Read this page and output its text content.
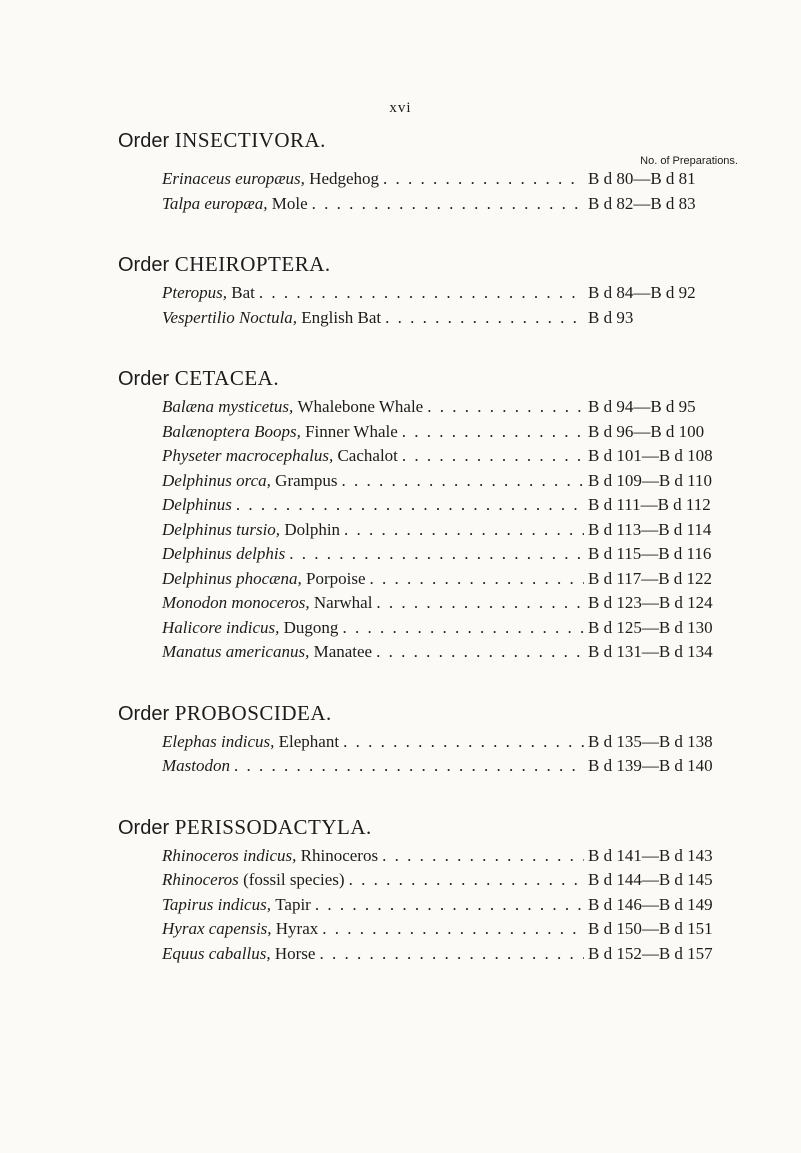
xvi
Order INSECTIVORA.
No. of Preparations.
Erinaceus europæus,
Hedgehog . . .	B d 80—B d 81
Talpa europæa,
Mole . . .	B d 82—B d 83
Order CHEIROPTERA.
Pteropus,
Bat . . .	B d 84—B d 92
Vespertilio Noctula,
English Bat . . .	B d 93
Order CETACEA.
Balæna mysticetus,
Whalebone Whale . . .	B d 94—B d 95
Balænoptera Boops,
Finner Whale . . .	B d 96—B d 100
Physeter macrocephalus,
Cachalot . . .	B d 101—B d 108
Delphinus orca,
Grampus . . .	B d 109—B d 110
Delphinus . . .	B d 111—B d 112
Delphinus tursio,
Dolphin . . .	B d 113—B d 114
Delphinus delphis . . .	B d 115—B d 116
Delphinus phocæna,
Porpoise . . .	B d 117—B d 122
Monodon monoceros,
Narwhal . . .	B d 123—B d 124
Halicore indicus,
Dugong . . .	B d 125—B d 130
Manatus americanus,
Manatee . . .	B d 131—B d 134
Order PROBOSCIDEA.
Elephas indicus,
Elephant . . .	B d 135—B d 138
Mastodon . . .	B d 139—B d 140
Order PERISSODACTYLA.
Rhinoceros indicus,
Rhinoceros . . .	B d 141—B d 143
Rhinoceros
(fossil species) . . .	B d 144—B d 145
Tapirus indicus,
Tapir . . .	B d 146—B d 149
Hyrax capensis,
Hyrax . . .	B d 150—B d 151
Equus caballus,
Horse . . .	B d 152—B d 157
